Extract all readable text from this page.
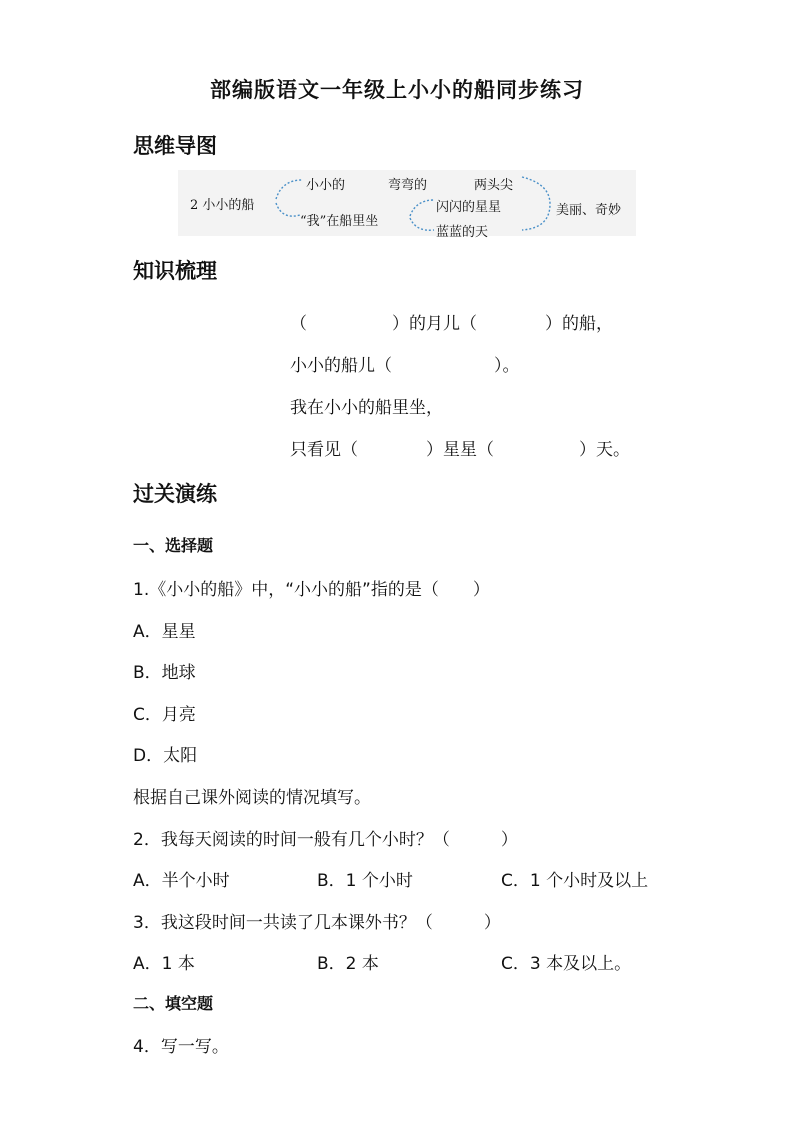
部编版语文一年级上小小的船同步练习
思维导图
2 小小的船
小小的	弯弯的	两头尖
“我”在船里坐
闪闪的星星
蓝蓝的天
美丽、奇妙
知识梳理
（　　　　　）的月儿（　　　　）的船，
小小的船儿（　　　　　　）。
我在小小的船里坐，
只看见（　　　　）星星（　　　　　）天。
过关演练
一、选择题
1.《小小的船》中，“小小的船”指的是（　　）
A．星星
B．地球
C．月亮
D．太阳
根据自己课外阅读的情况填写。
2．我每天阅读的时间一般有几个小时？（　　　）
A．半个小时	B．1 个小时	C．1 个小时及以上
3．我这段时间一共读了几本课外书？（　　　）
A．1 本	B．2 本	C．3 本及以上。
二、填空题
4．写一写。
